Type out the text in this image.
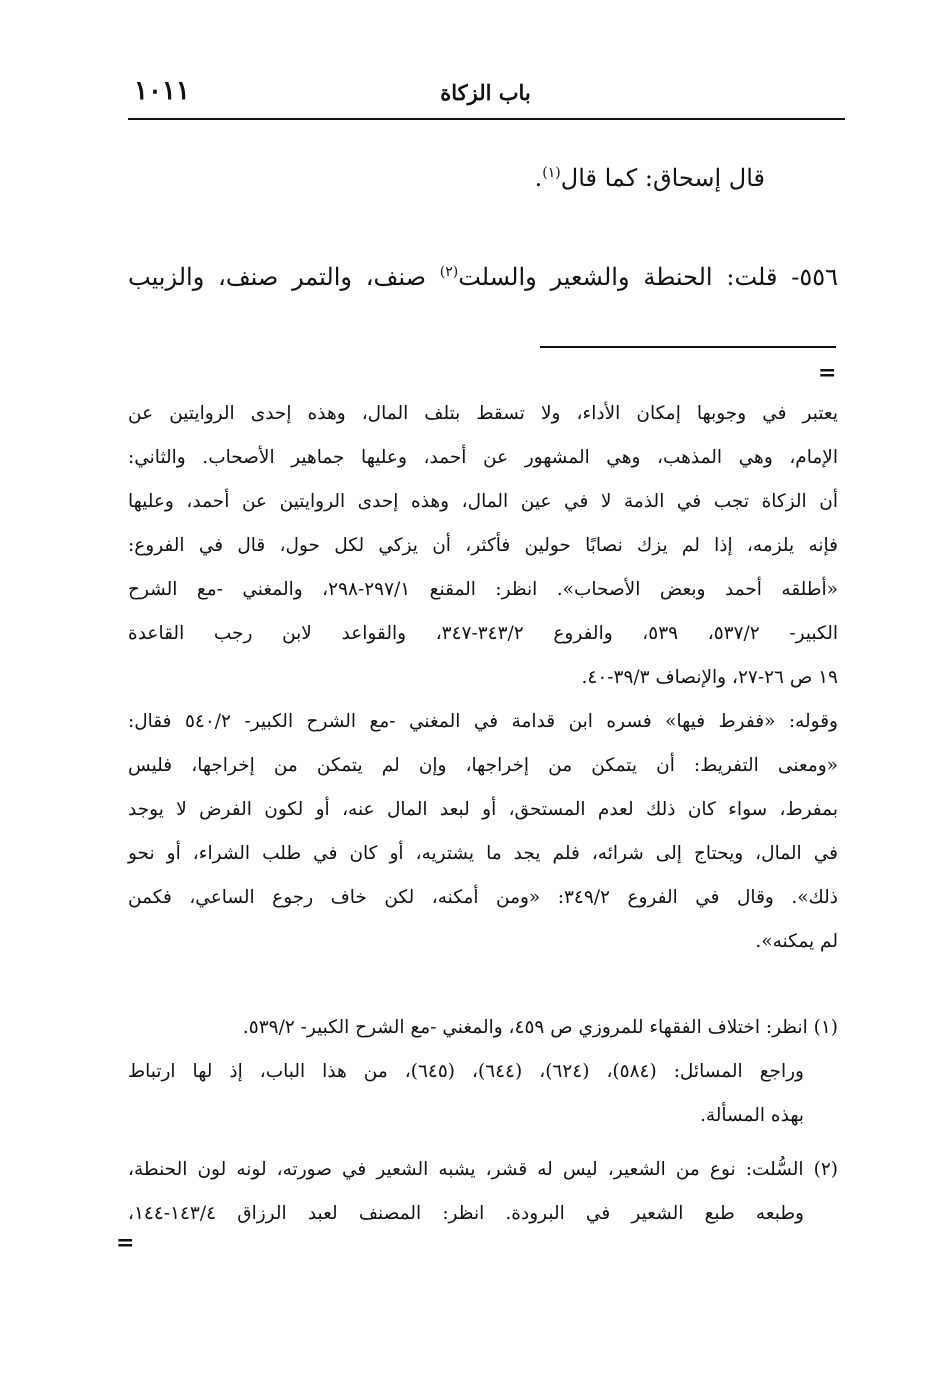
باب الزكاة
١٠١١
قال إسحاق: كما قال$^{(١)}$.
٥٥٦- قلت: الحنطة والشعير والسلت$^{(٢)}$ صنف، والتمر صنف، والزبيب
=
يعتبر في وجوبها إمكان الأداء، ولا تسقط بتلف المال، وهذه إحدى الروايتين عن
الإمام، وهي المذهب، وهي المشهور عن أحمد، وعليها جماهير الأصحاب. والثاني:
أن الزكاة تجب في الذمة لا في عين المال، وهذه إحدى الروايتين عن أحمد، وعليها
فإنه يلزمه، إذا لم يزك نصابًا حولين فأكثر، أن يزكي لكل حول، قال في الفروع:
«أطلقه أحمد وبعض الأصحاب». انظر: المقنع ٢٩٧/١-٢٩٨، والمغني -مع الشرح
الكبير- ٥٣٧/٢، ٥٣٩، والفروع ٣٤٣/٢-٣٤٧، والقواعد لابن رجب القاعدة
١٩ ص ٢٦-٢٧، والإنصاف ٣٩/٣-٤٠.
وقوله: «ففرط فيها» فسره ابن قدامة في المغني -مع الشرح الكبير- ٥٤٠/٢ فقال:
«ومعنى التفريط: أن يتمكن من إخراجها، وإن لم يتمكن من إخراجها، فليس
بمفرط، سواء كان ذلك لعدم المستحق، أو لبعد المال عنه، أو لكون الفرض لا يوجد
في المال، ويحتاج إلى شرائه، فلم يجد ما يشتريه، أو كان في طلب الشراء، أو نحو
ذلك». وقال في الفروع ٣٤٩/٢: «ومن أمكنه، لكن خاف رجوع الساعي، فكمن
لم يمكنه».
(١) انظر: اختلاف الفقهاء للمروزي ص ٤٥٩، والمغني -مع الشرح الكبير- ٥٣٩/٢.
وراجع المسائل: (٥٨٤)، (٦٢٤)، (٦٤٤)، (٦٤٥)، من هذا الباب، إذ لها ارتباط
بهذه المسألة.
(٢) السُّلت: نوع من الشعير، ليس له قشر، يشبه الشعير في صورته، لونه لون الحنطة،
وطبعه طبع الشعير في البرودة. انظر: المصنف لعبد الرزاق ١٤٣/٤-١٤٤،
=
